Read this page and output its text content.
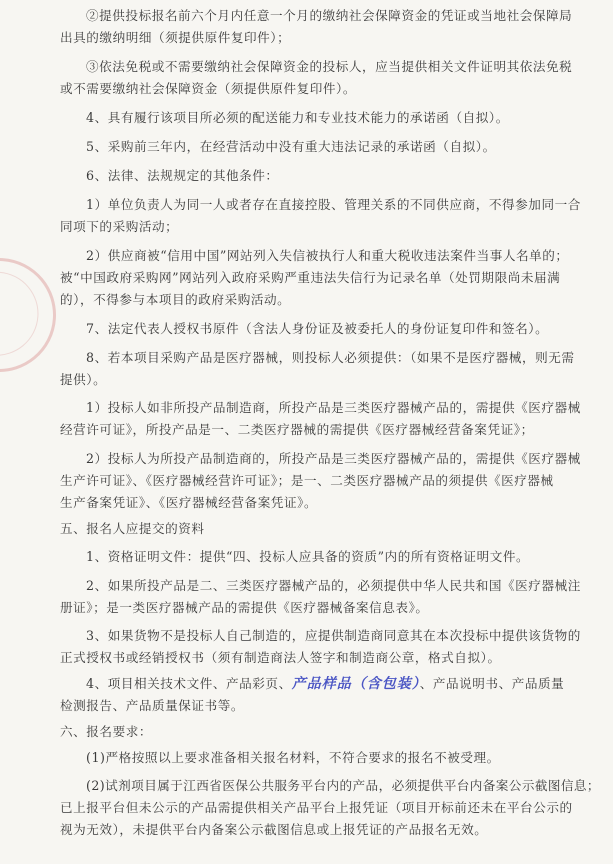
②提供投标报名前六个月内任意一个月的缴纳社会保障资金的凭证或当地社会保障局
出具的缴纳明细（须提供原件复印件）；
③依法免税或不需要缴纳社会保障资金的投标人，应当提供相关文件证明其依法免税
或不需要缴纳社会保障资金（须提供原件复印件）。
4、具有履行该项目所必须的配送能力和专业技术能力的承诺函（自拟）。
5、采购前三年内，在经营活动中没有重大违法记录的承诺函（自拟）。
6、法律、法规规定的其他条件：
1）单位负责人为同一人或者存在直接控股、管理关系的不同供应商，不得参加同一合
同项下的采购活动；
2）供应商被“信用中国”网站列入失信被执行人和重大税收违法案件当事人名单的；
被“中国政府采购网”网站列入政府采购严重违法失信行为记录名单（处罚期限尚未届满
的），不得参与本项目的政府采购活动。
7、法定代表人授权书原件（含法人身份证及被委托人的身份证复印件和签名）。
8、若本项目采购产品是医疗器械，则投标人必须提供：（如果不是医疗器械，则无需
提供）。
1）投标人如非所投产品制造商，所投产品是三类医疗器械产品的，需提供《医疗器械
经营许可证》，所投产品是一、二类医疗器械的需提供《医疗器械经营备案凭证》；
2）投标人为所投产品制造商的，所投产品是三类医疗器械产品的，需提供《医疗器械
生产许可证》、《医疗器械经营许可证》；是一、二类医疗器械产品的须提供《医疗器械
生产备案凭证》、《医疗器械经营备案凭证》。
五、报名人应提交的资料
1、资格证明文件：提供“四、投标人应具备的资质”内的所有资格证明文件。
2、如果所投产品是二、三类医疗器械产品的，必须提供中华人民共和国《医疗器械注
册证》；是一类医疗器械产品的需提供《医疗器械备案信息表》。
3、如果货物不是投标人自己制造的，应提供制造商同意其在本次投标中提供该货物的
正式授权书或经销授权书（须有制造商法人签字和制造商公章，格式自拟）。
4、项目相关技术文件、产品彩页、产品样品（含包装）、产品说明书、产品质量
检测报告、产品质量保证书等。
六、报名要求：
(1)严格按照以上要求准备相关报名材料，不符合要求的报名不被受理。
(2)试剂项目属于江西省医保公共服务平台内的产品，必须提供平台内备案公示截图信息；
已上报平台但未公示的产品需提供相关产品平台上报凭证（项目开标前还未在平台公示的
视为无效），未提供平台内备案公示截图信息或上报凭证的产品报名无效。
